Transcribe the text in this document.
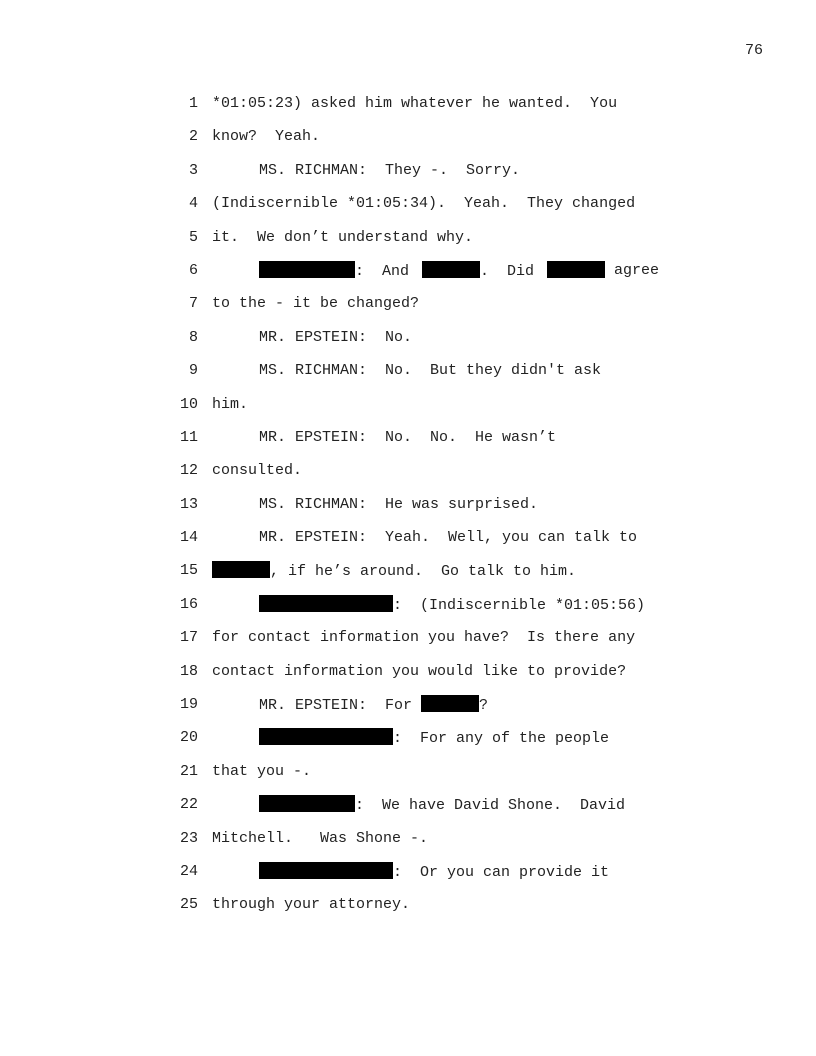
76
1 *01:05:23) asked him whatever he wanted.  You
2 know?  Yeah.
3	MS. RICHMAN:  They -.  Sorry.
4 (Indiscernible *01:05:34).  Yeah.  They changed
5 it.  We don’t understand why.
6	:  And	.  Did	agree
7 to the - it be changed?
8	MR. EPSTEIN:  No.
9	MS. RICHMAN:  No.  But they didn't ask
10 him.
11	MR. EPSTEIN:  No.  No.  He wasn’t
12 consulted.
13	MS. RICHMAN:  He was surprised.
14	MR. EPSTEIN:  Yeah.  Well, you can talk to
15	, if he’s around.  Go talk to him.
16	:  (Indiscernible *01:05:56)
17 for contact information you have?  Is there any
18 contact information you would like to provide?
19	MR. EPSTEIN:  For	?
20	:  For any of the people
21 that you -.
22	:  We have David Shone.  David
23 Mitchell.   Was Shone -.
24	:  Or you can provide it
25 through your attorney.
